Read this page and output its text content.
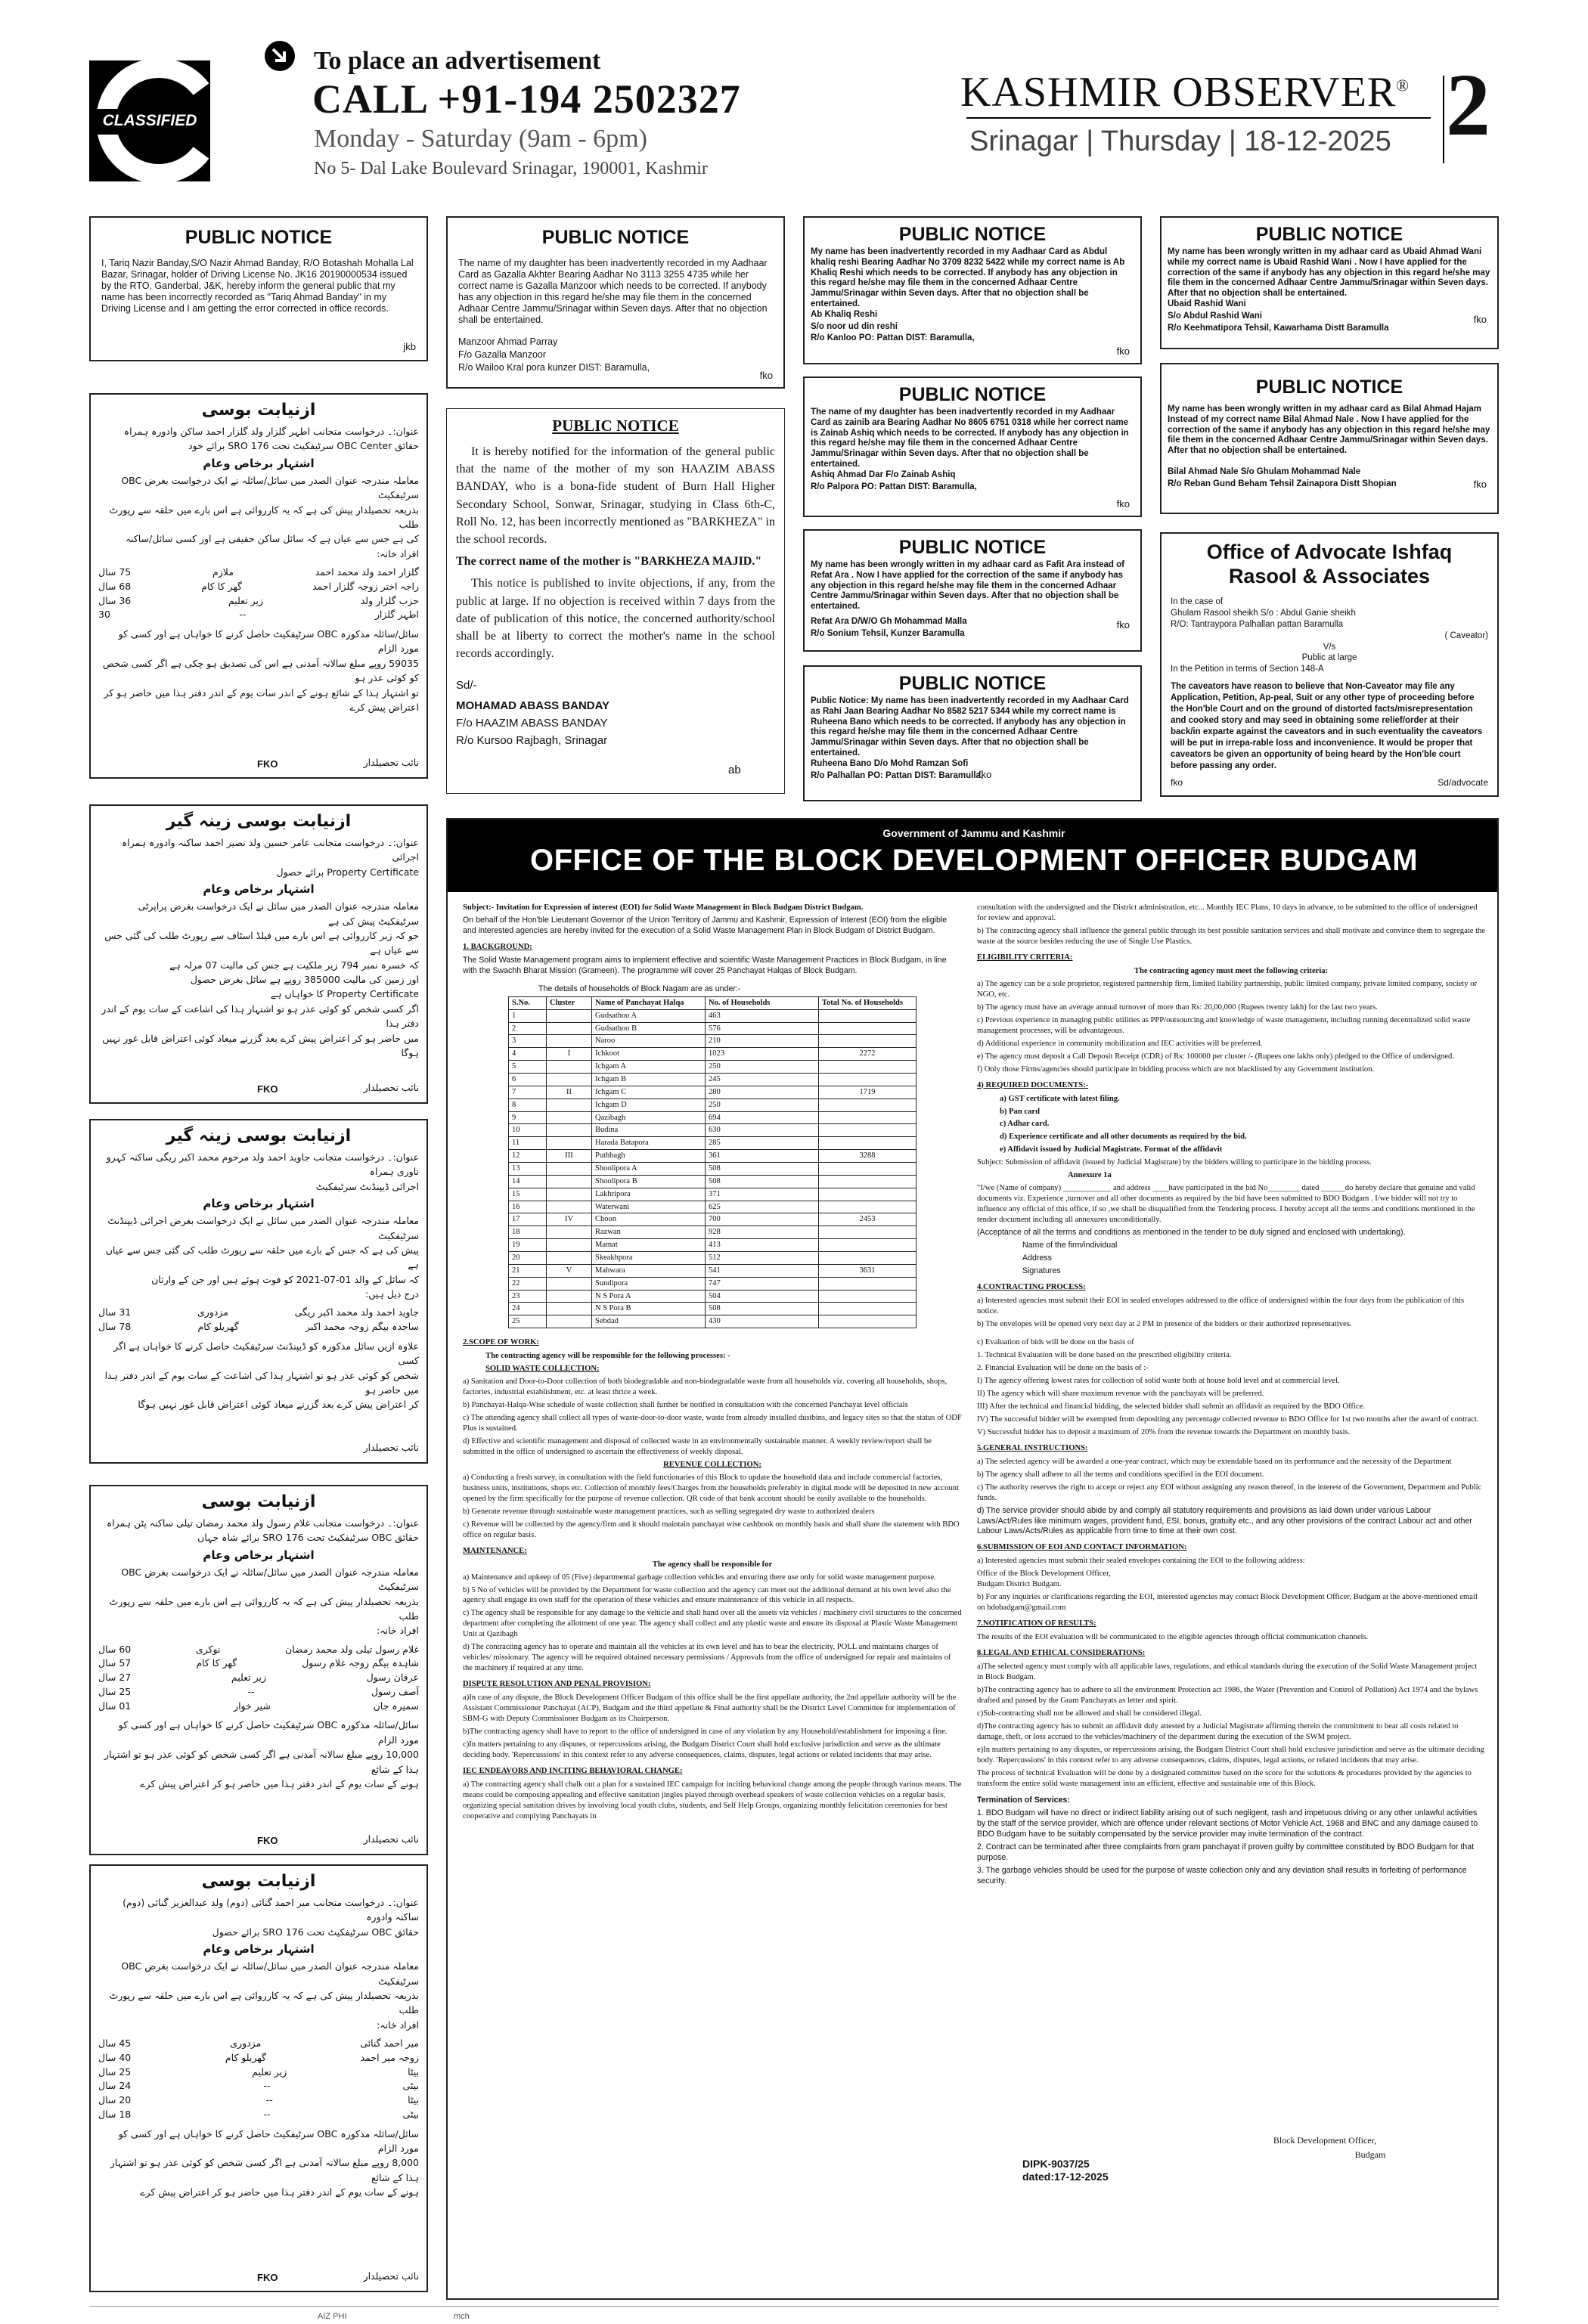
CLASSIFIED
To place an advertisement
CALL +91-194 2502327
Monday - Saturday (9am - 6pm)
No 5- Dal Lake Boulevard Srinagar, 190001, Kashmir
KASHMIR OBSERVER®
Srinagar | Thursday | 18-12-2025 2
PUBLIC NOTICE
I, Tariq Nazir Banday,S/O Nazir Ahmad Banday, R/O Botashah Mohalla Lal Bazar, Srinagar, holder of Driving License No. JK16 20190000534 issued by the RTO, Ganderbal, J&K, hereby inform the general public that my name has been incorrectly recorded as "Tariq Ahmad Banday" in my Driving License and I am getting the error corrected in office records.
jkb
PUBLIC NOTICE
The name of my daughter has been inadvertently recorded in my Aadhaar Card as Gazalla Akhter Bearing Aadhar No 3113 3255 4735 while her correct name is Gazalla Manzoor which needs to be corrected. If anybody has any objection in this regard he/she may file them in the concerned Adhaar Centre Jammu/Srinagar within Seven days. After that no objection shall be entertained.

Manzoor Ahmad Parray

F/o Gazalla Manzoor

R/o Wailoo Kral pora kunzer DIST: Baramulla,

fko
PUBLIC NOTICE
My name has been inadvertently recorded in my Aadhaar Card as Abdul khaliq reshi Bearing Aadhar No 3709 8232 5422 while my correct name is Ab Khaliq Reshi which needs to be corrected. If anybody has any objection in this regard he/she may file them in the concerned Adhaar Centre Jammu/Srinagar within Seven days. After that no objection shall be entertained.

Ab Khaliq Reshi

S/o noor ud din reshi

R/o Kanloo PO: Pattan DIST: Baramulla,

fko
PUBLIC NOTICE
My name has been wrongly written in my adhaar card as Ubaid Ahmad Wani while my correct name is Ubaid Rashid Wani . Now I have applied for the correction of the same if anybody has any objection in this regard he/she may file them in the concerned Adhaar Centre Jammu/Srinagar within Seven days. After that no objection shall be entertained.

Ubaid Rashid Wani

S/o Abdul Rashid Wani

R/o Keehmatipora Tehsil, Kawarhama Distt Baramulla

fko
PUBLIC NOTICE
The name of my daughter has been inadvertently recorded in my Aadhaar Card as zainib ara Bearing Aadhar No 8605 6751 0318 while her correct name is Zainab Ashiq which needs to be corrected. If anybody has any objection in this regard he/she may file them in the concerned Adhaar Centre Jammu/Srinagar within Seven days. After that no objection shall be entertained.

Ashiq Ahmad Dar F/o Zainab Ashiq

R/o Palpora PO: Pattan DIST: Baramulla,

fko
PUBLIC NOTICE
My name has been wrongly written in my adhaar card as Bilal Ahmad Hajam Instead of my correct name Bilal Ahmad Nale . Now I have applied for the correction of the same if anybody has any objection in this regard he/she may file them in the concerned Adhaar Centre Jammu/Srinagar within Seven days. After that no objection shall be entertained.

Bilal Ahmad Nale S/o Ghulam Mohammad Nale

R/o Reban Gund Beham Tehsil Zainapora Distt Shopian	fko
PUBLIC NOTICE
My name has been wrongly written in my adhaar card as Fafit Ara instead of Refat Ara . Now I have applied for the correction of the same if anybody has any objection in this regard he/she may file them in the concerned Adhaar Centre Jammu/Srinagar within Seven days. After that no objection shall be entertained.

Refat Ara D/W/O Gh Mohammad Malla

R/o Sonium Tehsil, Kunzer Baramulla

fko
PUBLIC NOTICE
Public Notice: My name has been inadvertently recorded in my Aadhaar Card as Rahi Jaan Bearing Aadhar No 8582 5217 5344 while my correct name is Ruheena Bano which needs to be corrected. If anybody has any objection in this regard he/she may file them in the concerned Adhaar Centre Jammu/Srinagar within Seven days. After that no objection shall be entertained.

Ruheena Bano D/o Mohd Ramzan Sofi

R/o Palhallan PO: Pattan DIST: Baramulla,

fko
Office of Advocate Ishfaq Rasool & Associates

In the case of

Ghulam Rasool sheikh S/o : Abdul Ganie sheikh

R/O: Tantraypora Palhallan pattan Baramulla

( Caveator)

V/s

Public at large

In the Petition in terms of Section 148-A

The caveators have reason to believe that Non-Caveator may file any Application, Petition, Ap-peal, Suit or any other type of proceeding before the Hon'ble Court and on the ground of distorted facts/misrepresentation and cooked story and may seed in obtaining some relief/order at their back/in exparte against the caveators and in such eventuality the caveators will be put in irrepa-rable loss and inconvenience. It would be proper that caveators be given an opportunity of being heard by the Hon'ble court before passing any order.

fko	Sd/advocate
PUBLIC NOTICE

It is hereby notified for the information of the general public that the name of the mother of my son HAAZIM ABASS BANDAY, who is a bona-fide student of Burn Hall Higher Secondary School, Sonwar, Srinagar, studying in Class 6th-C, Roll No. 12, has been incorrectly mentioned as "BARKHEZA" in the school records.

The correct name of the mother is "BARKHEZA MAJID."

This notice is published to invite objections, if any, from the public at large. If no objection is received within 7 days from the date of publication of this notice, the concerned authority/school shall be at liberty to correct the mother's name in the school records accordingly.

Sd/-

MOHAMAD ABASS BANDAY

F/o HAAZIM ABASS BANDAY

R/o Kursoo Rajbagh, Srinagar

ab
ازنیابت بوسی
عنوان:۔ درخواست متجانب اطہر گلزار ولد گلزار احمد ساکن وادورہ ہمراہ
حقائق OBC Center سرٹیفکیٹ تحت SRO 176 برائے خود
اشتہار برخاص وعام
معاملہ مندرجہ عنوان الصدر میں سائل/سائلہ نے ایک درخواست بغرض OBC سرٹیفکیٹ
بذریعہ تحصیلدار پیش کی ہے کہ یہ کارروائی ہے اس بارے میں حلقہ سے رپورٹ طلب
کی ہے جس سے عیاں ہے کہ سائل ساکن حقیقی ہے اور کسی سائل/ساکنہ
افراد خانہ:
گلزار احمد ولد محمد احمد
ملازم
75 سال
راجہ اختر زوجہ گلزار احمد
گھر کا کام
68 سال
حزب گلزار ولد
زیر تعلیم
36 سال
اطہر گلزار
--
30
سائل/سائلہ مذکورہ OBC سرٹیفکیٹ حاصل کرنے کا خواہاں ہے اور کسی کو مورد الزام
59035 روپے مبلغ سالانہ آمدنی ہے اس کی تصدیق ہو چکی ہے اگر کسی شخص کو کوئی عذر ہو
تو اشتہار ہذا کے شائع ہونے کے اندر سات یوم کے اندر دفتر ہذا میں حاضر ہو کر اعتراض پیش کرے
نائب تحصیلدار
FKO
ازنیابت بوسی زینہ گیر
عنوان:۔ درخواست متجانب عامر حسین ولد نصیر احمد ساکنہ وادورہ ہمراہ اجرائی
Property Certificate برائے حصول
اشتہار برخاص وعام
معاملہ مندرجہ عنوان الصدر میں سائل نے ایک درخواست بغرض پراپرٹی سرٹیفکیٹ پیش کی ہے
جو کہ زیر کارروائی ہے اس بارے میں فیلڈ اسٹاف سے رپورٹ طلب کی گئی جس سے عیاں ہے
کہ خسرہ نمبر 794 زیر ملکیت ہے جس کی مالیت 07 مرلہ ہے
اور زمین کی مالیت 385000 روپے ہے سائل بغرض حصول
Property Certificate کا خواہاں ہے
اگر کسی شخص کو کوئی عذر ہو تو اشتہار ہذا کی اشاعت کے سات یوم کے اندر دفتر ہذا
میں حاضر ہو کر اعتراض پیش کرے بعد گزرنے میعاد کوئی اعتراض قابل غور نہیں ہوگا
نائب تحصیلدار
FKO
ازنیابت بوسی زینہ گیر
عنوان:۔ درخواست متجانب جاوید احمد ولد مرحوم محمد اکبر ریگی ساکنہ کہرو ناوری ہمراہ
اجرائی ڈیپنڈنٹ سرٹیفکیٹ
اشتہار برخاص وعام
معاملہ مندرجہ عنوان الصدر میں سائل نے ایک درخواست بغرض اجرائی ڈیپنڈنٹ سرٹیفکیٹ
پیش کی ہے کہ جس کے بارے میں حلقہ سے رپورٹ طلب کی گئی جس سے عیاں ہے
کہ سائل کے والد 01-07-2021 کو فوت ہوئے ہیں اور جن کے وارثان
درج ذیل ہیں:
جاوید احمد ولد محمد اکبر ریگی
مزدوری
31 سال
ساجدہ بیگم زوجہ محمد اکبر
گھریلو کام
78 سال
علاوہ ازیں سائل مذکورہ کو ڈیپنڈنٹ سرٹیفکیٹ حاصل کرنے کا خواہاں ہے اگر کسی
شخص کو کوئی عذر ہو تو اشتہار ہذا کی اشاعت کے سات یوم کے اندر دفتر ہذا میں حاضر ہو
کر اعتراض پیش کرے بعد گزرنے میعاد کوئی اعتراض قابل غور نہیں ہوگا
نائب تحصیلدار
ازنیابت بوسی
عنوان:۔ درخواست متجانب غلام رسول ولد محمد رمضان تیلی ساکنہ پٹن ہمراہ
حقائق OBC سرٹیفکیٹ تحت SRO 176 برائے شاہ جہاں
اشتہار برخاص وعام
معاملہ مندرجہ عنوان الصدر میں سائل/سائلہ نے ایک درخواست بغرض OBC سرٹیفکیٹ
بذریعہ تحصیلدار پیش کی ہے کہ یہ کارروائی ہے اس بارے میں حلقہ سے رپورٹ طلب
افراد خانہ:
غلام رسول تیلی ولد محمد رمضان
نوکری
60 سال
شاہدہ بیگم زوجہ غلام رسول
گھر کا کام
57 سال
عرفان رسول
زیر تعلیم
27 سال
آصف رسول
--
25 سال
سمیرہ جان
شیر خوار
01 سال
سائل/سائلہ مذکورہ OBC سرٹیفکیٹ حاصل کرنے کا خواہاں ہے اور کسی کو مورد الزام
10,000 روپے مبلغ سالانہ آمدنی ہے اگر کسی شخص کو کوئی عذر ہو تو اشتہار ہذا کے شائع
ہونے کے سات یوم کے اندر دفتر ہذا میں حاضر ہو کر اعتراض پیش کرے
نائب تحصیلدار
FKO
ازنیابت بوسی
عنوان:۔ درخواست متجانب میر احمد گنائی (دوم) ولد عبدالعزیز گنائی (دوم) ساکنہ وادورہ
حقائق OBC سرٹیفکیٹ تحت SRO 176 برائے حصول
اشتہار برخاص وعام
معاملہ مندرجہ عنوان الصدر میں سائل/سائلہ نے ایک درخواست بغرض OBC سرٹیفکیٹ
بذریعہ تحصیلدار پیش کی ہے کہ یہ کارروائی ہے اس بارے میں حلقہ سے رپورٹ طلب
افراد خانہ:
میر احمد گنائی
مزدوری
45 سال
زوجہ میر احمد
گھریلو کام
40 سال
بیٹا
زیر تعلیم
25 سال
بیٹی
--
24 سال
بیٹا
--
20 سال
بیٹی
--
18 سال
سائل/سائلہ مذکورہ OBC سرٹیفکیٹ حاصل کرنے کا خواہاں ہے اور کسی کو مورد الزام
8,000 روپے مبلغ سالانہ آمدنی ہے اگر کسی شخص کو کوئی عذر ہو تو اشتہار ہذا کے شائع
ہونے کے سات یوم کے اندر دفتر ہذا میں حاضر ہو کر اعتراض پیش کرے
نائب تحصیلدار
FKO
Government of Jammu and Kashmir
OFFICE OF THE BLOCK DEVELOPMENT OFFICER BUDGAM

Subject:- Invitation for Expression of interest (EOI) for Solid Waste Management in Block Budgam District Budgam.

On behalf of the Hon'ble Lieutenant Governor of the Union Territory of Jammu and Kashmir, Expression of Interest (EOI) from the eligible and interested agencies are hereby invited for the execution of a Solid Waste Management Plan in Block Budgam of District Budgam.

1. BACKGROUND:

The Solid Waste Management program aims to implement effective and scientific Waste Management Practices in Block Budgam, in line with the Swachh Bharat Mission (Grameen). The programme will cover 25 Panchayat Halqas of Block Budgam.

The details of households of Block Nagam are as under:-

S.No.	Cluster	Name of Panchayat Halqa	No. of Households	Total No. of Households
1		Gudsathoo A	463	
2		Gudsathoo B	576	
3		Naroo	210	
4	I	Ichkoot	1023	2272
5		Ichgam A	250	
6		Ichgam B	245	
7	II	Ichgam C	280	1719
8		Ichgam D	250	
9		Qazibagh	694	
10		Budina	630	
11		Harada Batapora	285	
12	III	Puthbagh	361	3288
13		Shoolipora A	508	
14		Shoolipora B	508	
15		Lakhripora	371	
16		Waterwani	625	
17	IV	Choon	700	2453
18		Razwan	928	
19		Mamat	413	
20		Skeakhpora	512	
21	V	Mahwara	541	3631
22		Sundipora	747	
23		N S Pora A	504	
24		N S Pora B	508	
25		Sebdad	430	

2.SCOPE OF WORK:

The contracting agency will be responsible for the following processes: -

SOLID WASTE COLLECTION:

a) Sanitation and Door-to-Door collection of both biodegradable and non-biodegradable waste from all households viz. covering all households, shops, factories, industrial establishment, etc. at least thrice a week.

b) Panchayat-Halqa-Wise schedule of waste collection shall further be notified in consultation with the concerned Panchayat level officials

c) The attending agency shall collect all types of waste-door-to-door waste, waste from already installed dustbins, and legacy sites so that the status of ODF Plus is sustained.

d) Effective and scientific management and disposal of collected waste in an environmentally sustainable manner. A weekly review/report shall be submitted in the office of undersigned to ascertain the effectiveness of weekly disposal.

REVENUE COLLECTION:

a) Conducting a fresh survey, in consultation with the field functionaries of this Block to update the household data and include commercial factories, business units, institutions, shops etc. Collection of monthly fees/Charges from the households preferably in digital mode will be deposited in new account opened by the firm specifically for the purpose of revenue collection. QR code of that bank account should be easily available to the households.

b) Generate revenue through sustainable waste management practices, such as selling segregated dry waste to authorized dealers

c) Revenue will be collected by the agency/firm and it should maintain panchayat wise cashbook on monthly basis and shall share the statement with BDO office on regular basis.

MAINTENANCE:

The agency shall be responsible for

a) Maintenance and upkeep of 05 (Five) departmental garbage collection vehicles and ensuring there use only for solid waste management purpose.

b) 5 No of vehicles will be provided by the Department for waste collection and the agency can meet out the additional demand at his own level also the agency shall engage its own staff for the operation of these vehicles and ensure maintenance of this vehicle in all respects.

c) The agency shall be responsible for any damage to the vehicle and shall hand over all the assets viz vehicles / machinery civil structures to the concerned department after completing the allotment of one year. The agency shall collect and any plastic waste and ensure its disposal at Plastic Waste Management Unit at Qazibagh

d) The contracting agency has to operate and maintain all the vehicles at its own level and has to bear the electricity, POLL and maintains charges of vehicles/ missionary. The agency will be required obtained necessary permissions / Approvals from the office of undersigned for repair and maintains of the machinery if required at any time.

DISPUTE RESOLUTION AND PENAL PROVISION:

a)In case of any dispute, the Block Development Officer Budgam of this office shall be the first appellate authority, the 2nd appellate authority will be the Assistant Commissioner Panchayat (ACP), Budgam and the third appellate & Final authority shall be the District Level Committee for implementation of SBM-G with Deputy Commissioner Budgam as its Chairperson.

b)The contracting agency shall have to report to the office of undersigned in case of any violation by any Household/establishment for imposing a fine.

c)In matters pertaining to any disputes, or repercussions arising, the Budgam District Court shall hold exclusive jurisdiction and serve as the ultimate deciding body. 'Repercussions' in this context refer to any adverse consequences, claims, disputes, legal actions or related incidents that may arise.

IEC ENDEAVORS AND INCITING BEHAVIORAL CHANGE:

a) The contracting agency shall chalk out a plan for a sustained IEC campaign for inciting behavioral change among the people through various means. The means could be composing appealing and effective sanitation jingles played through overhead speakers of waste collection vehicles on a regular basis, organizing special sanitation drives by involving local youth clubs, students, and Self Help Groups, organizing monthly felicitation ceremonies for best cooperative and complying Panchayats in

consultation with the undersigned and the District administration, etc... Monthly IEC Plans, 10 days in advance, to be submitted to the office of undersigned for review and approval.

b) The contracting agency shall influence the general public through its best possible sanitation services and shall motivate and convince them to segregate the waste at the source besides reducing the use of Single Use Plastics.

ELIGIBILITY CRITERIA:

The contracting agency must meet the following criteria:

a) The agency can be a sole proprietor, registered partnership firm, limited liability partnership, public limited company, private limited company, society or NGO, etc.

b) The agency must have an average annual turnover of more than Rs: 20,00,000 (Rupees twenty lakh) for the last two years.

c) Previous experience in managing public utilities as PPP/outsourcing and knowledge of waste management, including running decentralized solid waste management processes, will be advantageous.

d) Additional experience in community mobilization and IEC activities will be preferred.

e) The agency must deposit a Call Deposit Receipt (CDR) of Rs: 100000 per cluster /- (Rupees one lakhs only) pledged to the Office of undersigned.

f) Only those Firms/agencies should participate in bidding process which are not blacklisted by any Government institution.

4) REQUIRED DOCUMENTS:-

a) GST certificate with latest filing.

b) Pan card

c) Adhar card.

d) Experience certificate and all other documents as required by the bid.

e) Affidavit issued by Judicial Magistrate. Format of the affidavit

Subject: Submission of affidavit (issued by Judicial Magistrate) by the bidders willing to participate in the bidding process.

Annexure 1a

"I/we (Name of company) ____________ and address ____have participated in the bid No________ dated ______do hereby declare that genuine and valid documents viz. Experience ,turnover and all other documents as required by the bid have been submitted to BDO Budgam . I/we bidder will not try to influence any official of this office, if so ,we shall be disqualified from the Tendering process. I hereby accept all the terms and conditions mentioned in the tender document including all annexures unconditionally.

(Acceptance of all the terms and conditions as mentioned in the tender to be duly signed and enclosed with undertaking).

Name of the firm/individual

Address

Signatures

4.CONTRACTING PROCESS:

a) Interested agencies must submit their EOI in sealed envelopes addressed to the office of undersigned within the four days from the publication of this notice.

b) The envelopes will be opened very next day at 2 PM in presence of the bidders or their authorized representatives.

c) Evaluation of bids will be done on the basis of

1. Technical Evaluation will be done based on the prescribed eligibility criteria.

2. Financial Evaluation will be done on the basis of :-

I) The agency offering lowest rates for collection of solid waste both at house hold level and at commercial level.

II) The agency which will share maximum revenue with the panchayats will be preferred.

III) After the technical and financial bidding, the selected bidder shall submit an affidavit as required by the BDO Office.

IV) The successful bidder will be exempted from depositing any percentage collected revenue to BDO Office for 1st two months after the award of contract.

V) Successful bidder has to deposit a maximum of 20% from the revenue towards the Department on monthly basis.

5.GENERAL INSTRUCTIONS:

a) The selected agency will be awarded a one-year contract, which may be extendable based on its performance and the necessity of the Department

b) The agency shall adhere to all the terms and conditions specified in the EOI document.

c) The authority reserves the right to accept or reject any EOI without assigning any reason thereof, in the interest of the Government, Department and Public funds.

d) The service provider should abide by and comply all statutory requirements and provisions as laid down under various Labour Laws/Act/Rules like minimum wages, provident fund, ESI, bonus, gratuity etc., and any other provisions of the contract Labour act and other Labour Laws/Acts/Rules as applicable from time to time at their own cost.

6.SUBMISSION OF EOI AND CONTACT INFORMATION:

a) Interested agencies must submit their sealed envelopes containing the EOI to the following address:

Office of the Block Development Officer,

Budgam District Budgam.

b) For any inquiries or clarifications regarding the EOI, interested agencies may contact Block Development Officer, Budgam at the above-mentioned email on bdobadgam@gmail.com

7.NOTIFICATION OF RESULTS:

The results of the EOI evaluation will be communicated to the eligible agencies through official communication channels.

8.LEGAL AND ETHICAL CONSIDERATIONS:

a)The selected agency must comply with all applicable laws, regulations, and ethical standards during the execution of the Solid Waste Management project in Block Budgam.

b)The contracting agency has to adhere to all the environment Protection act 1986, the Water (Prevention and Control of Pollution) Act 1974 and the bylaws drafted and passed by the Gram Panchayats as letter and spirit.

c)Sub-contracting shall not be allowed and shall be considered illegal.

d)The contracting agency has to submit an affidavit duly attested by a Judicial Magistrate affirming therein the commitment to bear all costs related to damage, theft, or loss accrued to the vehicles/machinery of the department during the execution of the SWM project.

e)In matters pertaining to any disputes, or repercussions arising, the Budgam District Court shall hold exclusive jurisdiction and serve as the ultimate deciding body. 'Repercussions' in this context refer to any adverse consequences, claims, disputes, legal actions, or related incidents that may arise.

The process of technical Evaluation will be done by a designated committee based on the score for the solutions & procedures provided by the agencies to transform the entire solid waste management into an efficient, effective and sustainable one of this Block.

Termination of Services:

1. BDO Budgam will have no direct or indirect liability arising out of such negligent, rash and impetuous driving or any other unlawful activities by the staff of the service provider, which are offence under relevant sections of Motor Vehicle Act, 1968 and BNC and any damage caused to BDO Budgam have to be suitably compensated by the service provider may invite termination of the contract.

2. Contract can be terminated after three complaints from gram panchayat if proven guilty by committee constituted by BDO Budgam for that purpose.

3. The garbage vehicles should be used for the purpose of waste collection only and any deviation shall results in forfeiting of performance security.

Block Development Officer,

Budgam

DIPK-9037/25

dated:17-12-2025

AIZ PHI	mch
